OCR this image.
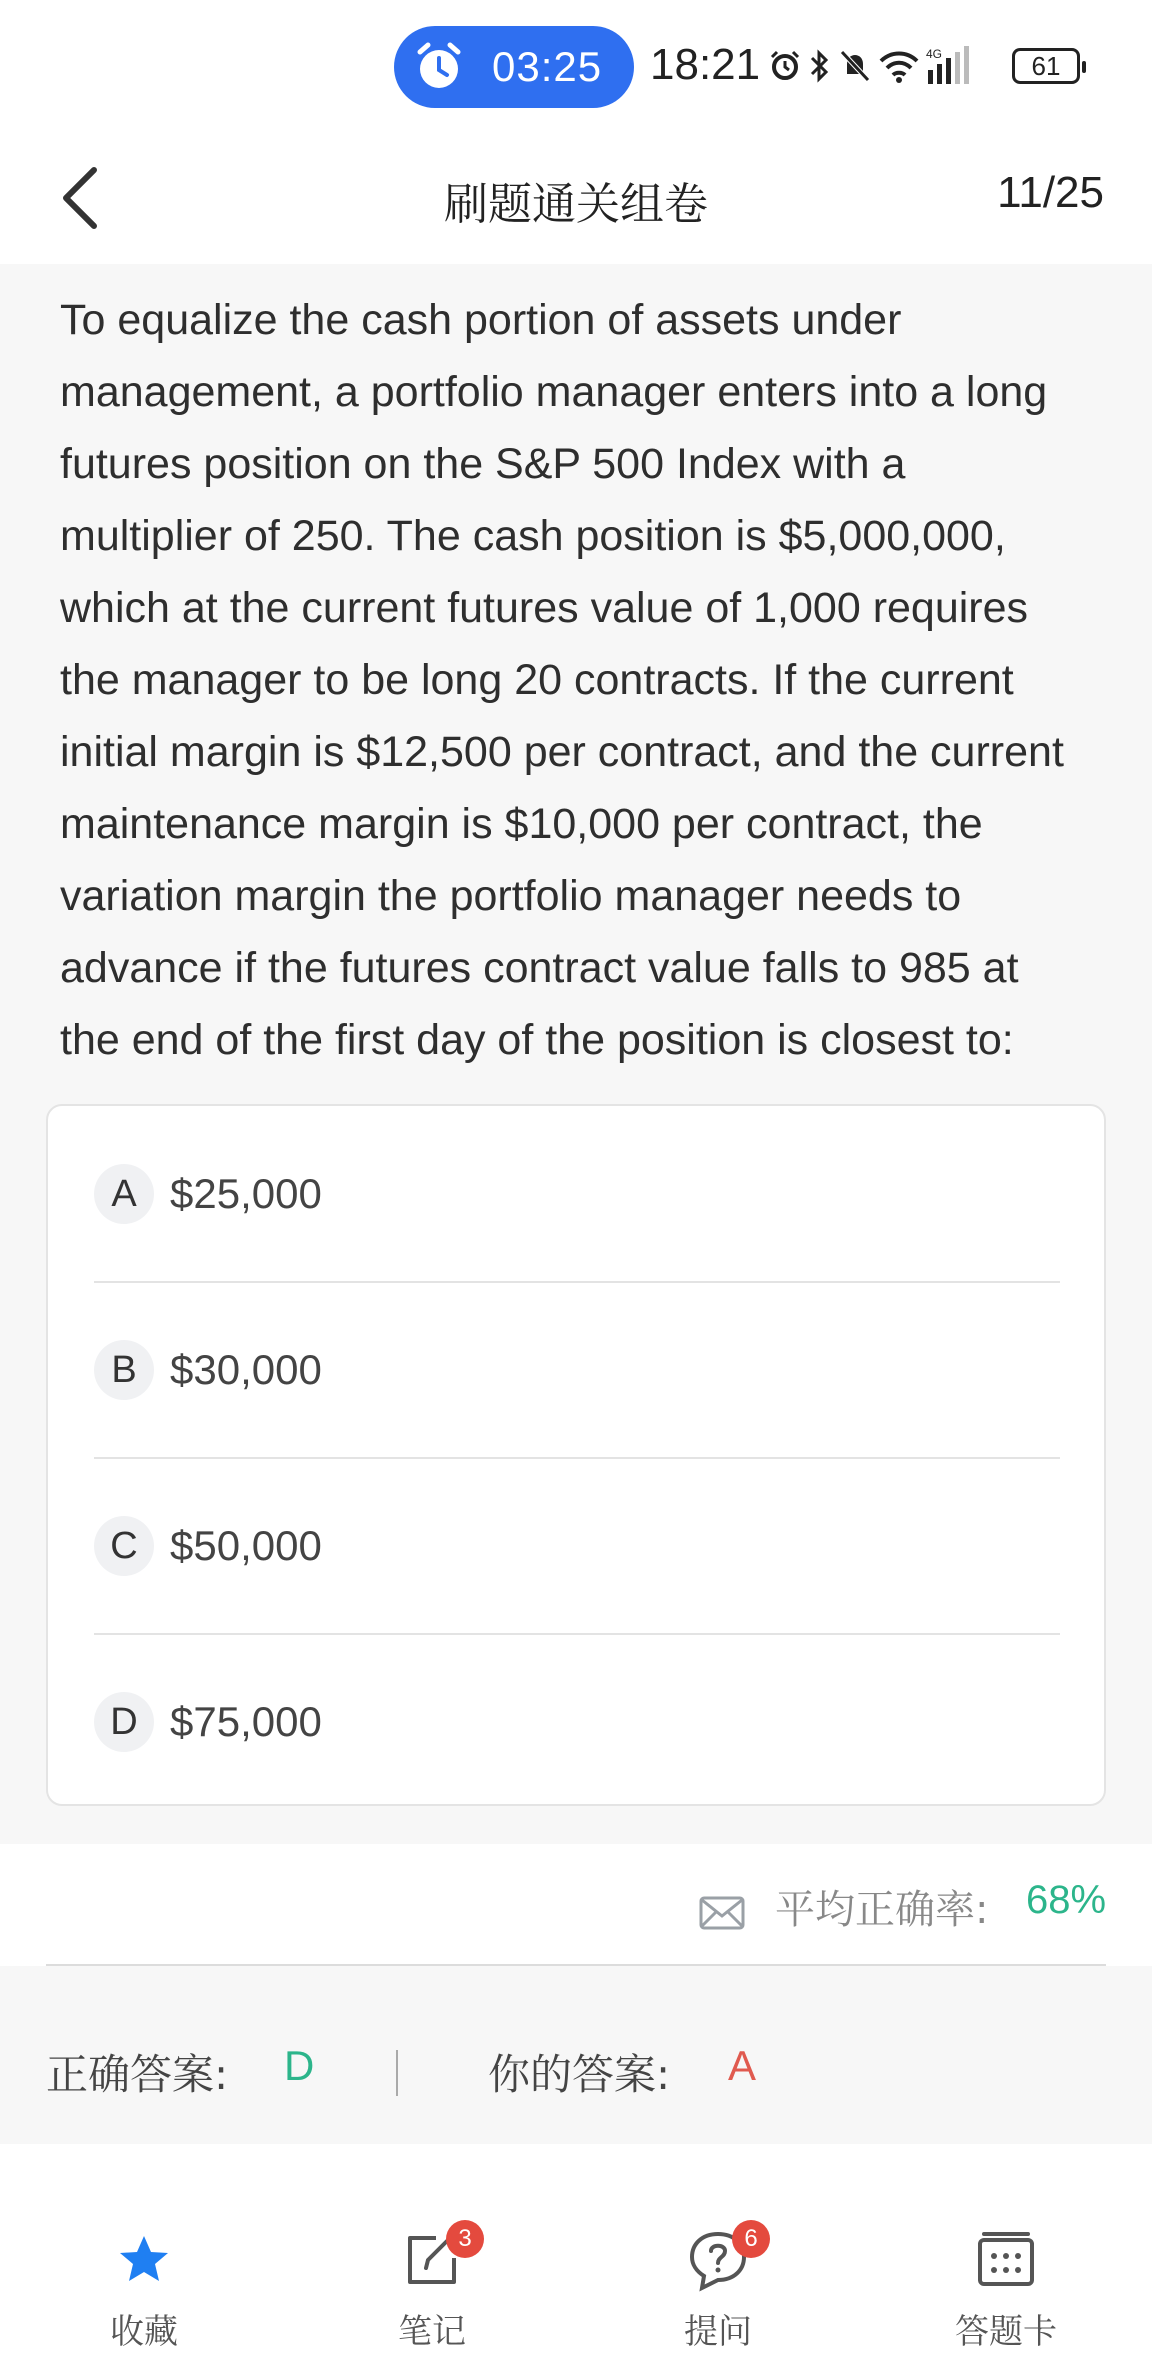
03:25 18:21	4G	61
刷题通关组卷	11/25
To equalize the cash portion of assets under
management, a portfolio manager enters into a long
futures position on the S&P 500 Index with a
multiplier of 250. The cash position is $5,000,000,
which at the current futures value of 1,000 requires
the manager to be long 20 contracts. If the current
initial margin is $12,500 per contract, and the current
maintenance margin is $10,000 per contract, the
variation margin the portfolio manager needs to
advance if the futures contract value falls to 985 at
the end of the first day of the position is closest to:
A $25,000
B $30,000
C $50,000
D $75,000
平均正确率: 68%
正确答案: D	你的答案: A
收藏
3
笔记
6
提问	答题卡
